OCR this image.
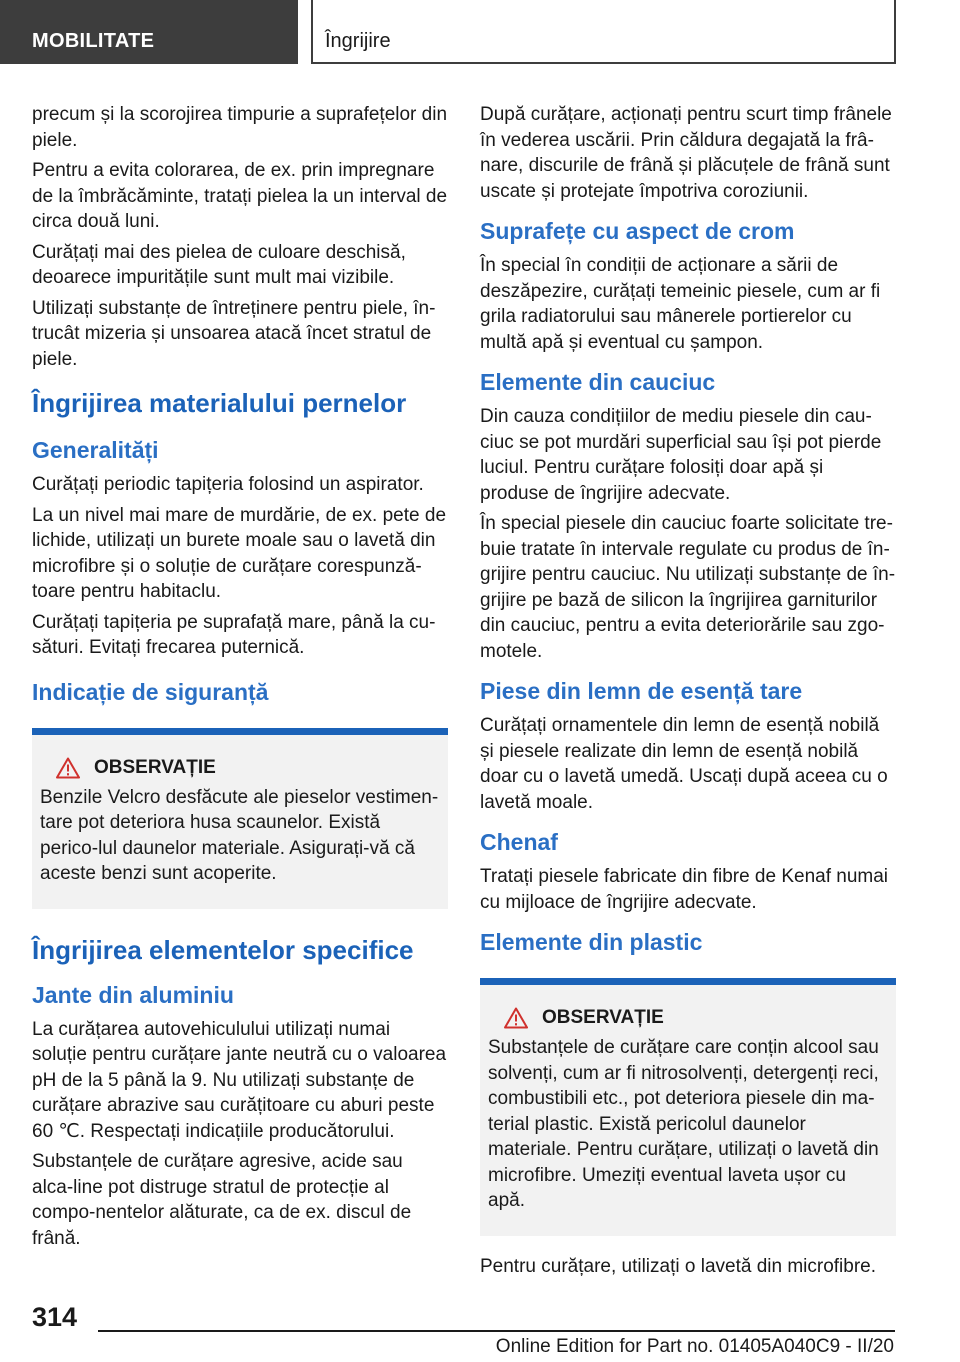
MOBILITATE	Îngrijire

precum și la scorojirea timpurie a suprafețelor din piele.

Pentru a evita colorarea, de ex. prin impregnare de la îmbrăcăminte, tratați pielea la un interval de circa două luni.

Curățați mai des pielea de culoare deschisă, deoarece impuritățile sunt mult mai vizibile.

Utilizați substanțe de întreținere pentru piele, în-trucât mizeria și unsoarea atacă încet stratul de piele.

Îngrijirea materialului pernelor
Generalități

Curățați periodic tapițeria folosind un aspirator.

La un nivel mai mare de murdărie, de ex. pete de lichide, utilizați un burete moale sau o lavetă din microfibre și o soluție de curățare corespunză-toare pentru habitaclu.

Curățați tapițeria pe suprafață mare, până la cu-sături. Evitați frecarea puternică.

Indicație de siguranță
OBSERVAȚIE

Benzile Velcro desfăcute ale pieselor vestimen-tare pot deteriora husa scaunelor. Există perico-lul daunelor materiale. Asigurați-vă că aceste benzi sunt acoperite.

Îngrijirea elementelor specifice
Jante din aluminiu

La curățarea autovehiculului utilizați numai soluție pentru curățare jante neutră cu o valoarea pH de la 5 până la 9. Nu utilizați substanțe de curățare abrazive sau curățitoare cu aburi peste 60 ℃. Respectați indicațiile producătorului.

Substanțele de curățare agresive, acide sau alca-line pot distruge stratul de protecție al compo-nentelor alăturate, ca de ex. discul de frână.

După curățare, acționați pentru scurt timp frânele în vederea uscării. Prin căldura degajată la frâ-nare, discurile de frână și plăcuțele de frână sunt uscate și protejate împotriva coroziunii.

Suprafețe cu aspect de crom

În special în condiții de acționare a sării de deszăpezire, curățați temeinic piesele, cum ar fi grila radiatorului sau mânerele portierelor cu multă apă și eventual cu șampon.

Elemente din cauciuc

Din cauza condițiilor de mediu piesele din cau-ciuc se pot murdări superficial sau își pot pierde luciul. Pentru curățare folosiți doar apă și produse de îngrijire adecvate.

În special piesele din cauciuc foarte solicitate tre-buie tratate în intervale regulate cu produs de în-grijire pentru cauciuc. Nu utilizați substanțe de în-grijire pe bază de silicon la îngrijirea garniturilor din cauciuc, pentru a evita deteriorările sau zgo-motele.

Piese din lemn de esență tare

Curățați ornamentele din lemn de esență nobilă și piesele realizate din lemn de esență nobilă doar cu o lavetă umedă. Uscați după aceea cu o lavetă moale.

Chenaf

Tratați piesele fabricate din fibre de Kenaf numai cu mijloace de îngrijire adecvate.

Elemente din plastic
OBSERVAȚIE

Substanțele de curățare care conțin alcool sau solvenți, cum ar fi nitrosolvenți, detergenți reci, combustibili etc., pot deteriora piesele din ma-terial plastic. Există pericolul daunelor materiale. Pentru curățare, utilizați o lavetă din microfibre. Umeziți eventual laveta ușor cu apă.

Pentru curățare, utilizați o lavetă din microfibre.

314
Online Edition for Part no. 01405A040C9 - II/20
